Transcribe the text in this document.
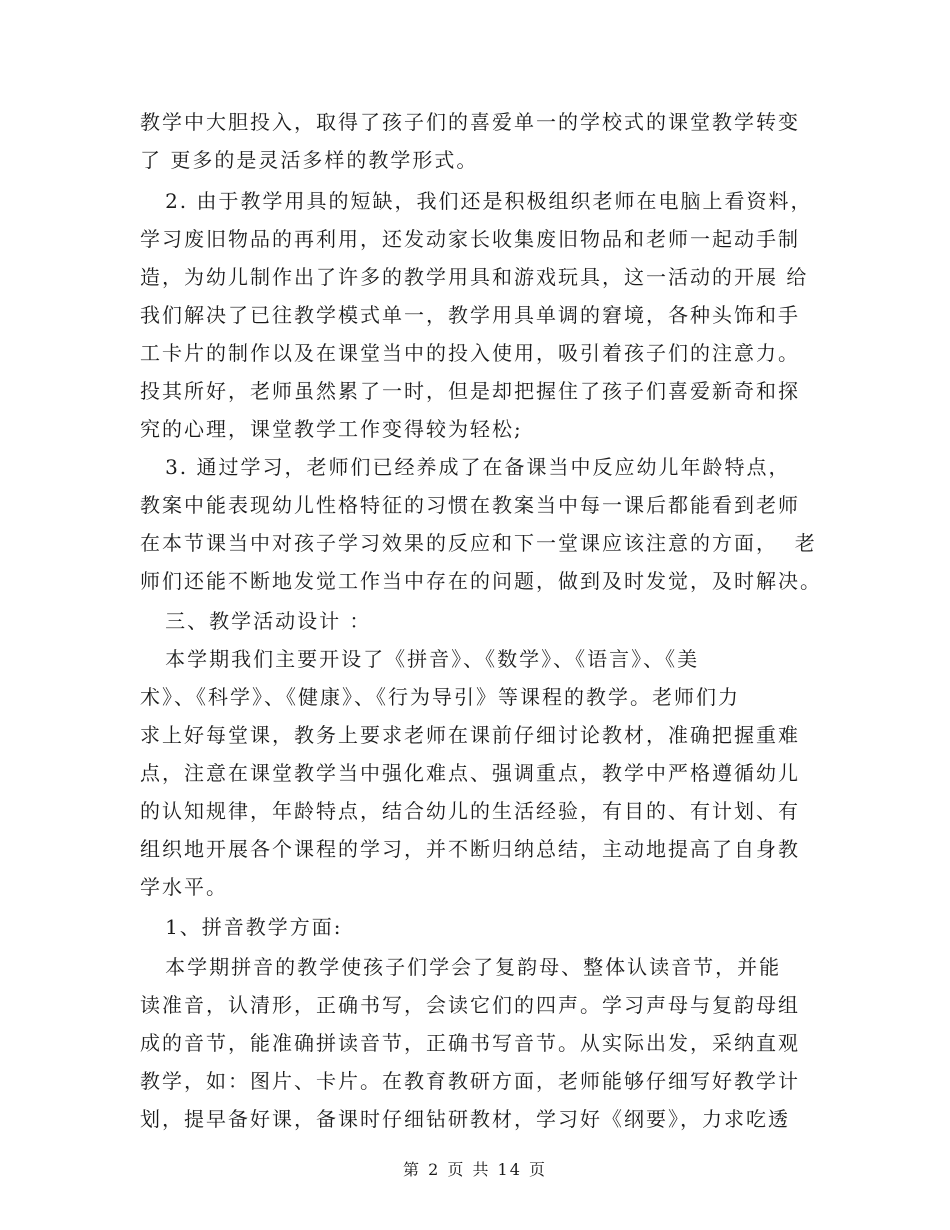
教学中大胆投入，取得了孩子们的喜爱单一的学校式的课堂教学转变
了 更多的是灵活多样的教学形式。
2. 由于教学用具的短缺，我们还是积极组织老师在电脑上看资料，
学习废旧物品的再利用，还发动家长收集废旧物品和老师一起动手制
造，为幼儿制作出了许多的教学用具和游戏玩具，这一活动的开展 给
我们解决了已往教学模式单一，教学用具单调的窘境，各种头饰和手
工卡片的制作以及在课堂当中的投入使用，吸引着孩子们的注意力。
投其所好，老师虽然累了一时，但是却把握住了孩子们喜爱新奇和探
究的心理，课堂教学工作变得较为轻松;
3. 通过学习，老师们已经养成了在备课当中反应幼儿年龄特点，
教案中能表现幼儿性格特征的习惯在教案当中每一课后都能看到老师
在本节课当中对孩子学习效果的反应和下一堂课应该注意的方面，  老
师们还能不断地发觉工作当中存在的问题，做到及时发觉，及时解决。
三、教学活动设计 ：
本学期我们主要开设了《拼音》、《数学》、《语言》、《美
术》、《科学》、《健康》、《行为导引》等课程的教学。老师们力
求上好每堂课，教务上要求老师在课前仔细讨论教材，准确把握重难
点，注意在课堂教学当中强化难点、强调重点，教学中严格遵循幼儿
的认知规律，年龄特点，结合幼儿的生活经验，有目的、有计划、有
组织地开展各个课程的学习，并不断归纳总结，主动地提高了自身教
学水平。
1、拼音教学方面:
本学期拼音的教学使孩子们学会了复韵母、整体认读音节，并能
读准音，认清形，正确书写，会读它们的四声。学习声母与复韵母组
成的音节，能准确拼读音节，正确书写音节。从实际出发，采纳直观
教学，如：图片、卡片。在教育教研方面，老师能够仔细写好教学计
划，提早备好课，备课时仔细钻研教材，学习好《纲要》，力求吃透
第 2 页 共 14 页
